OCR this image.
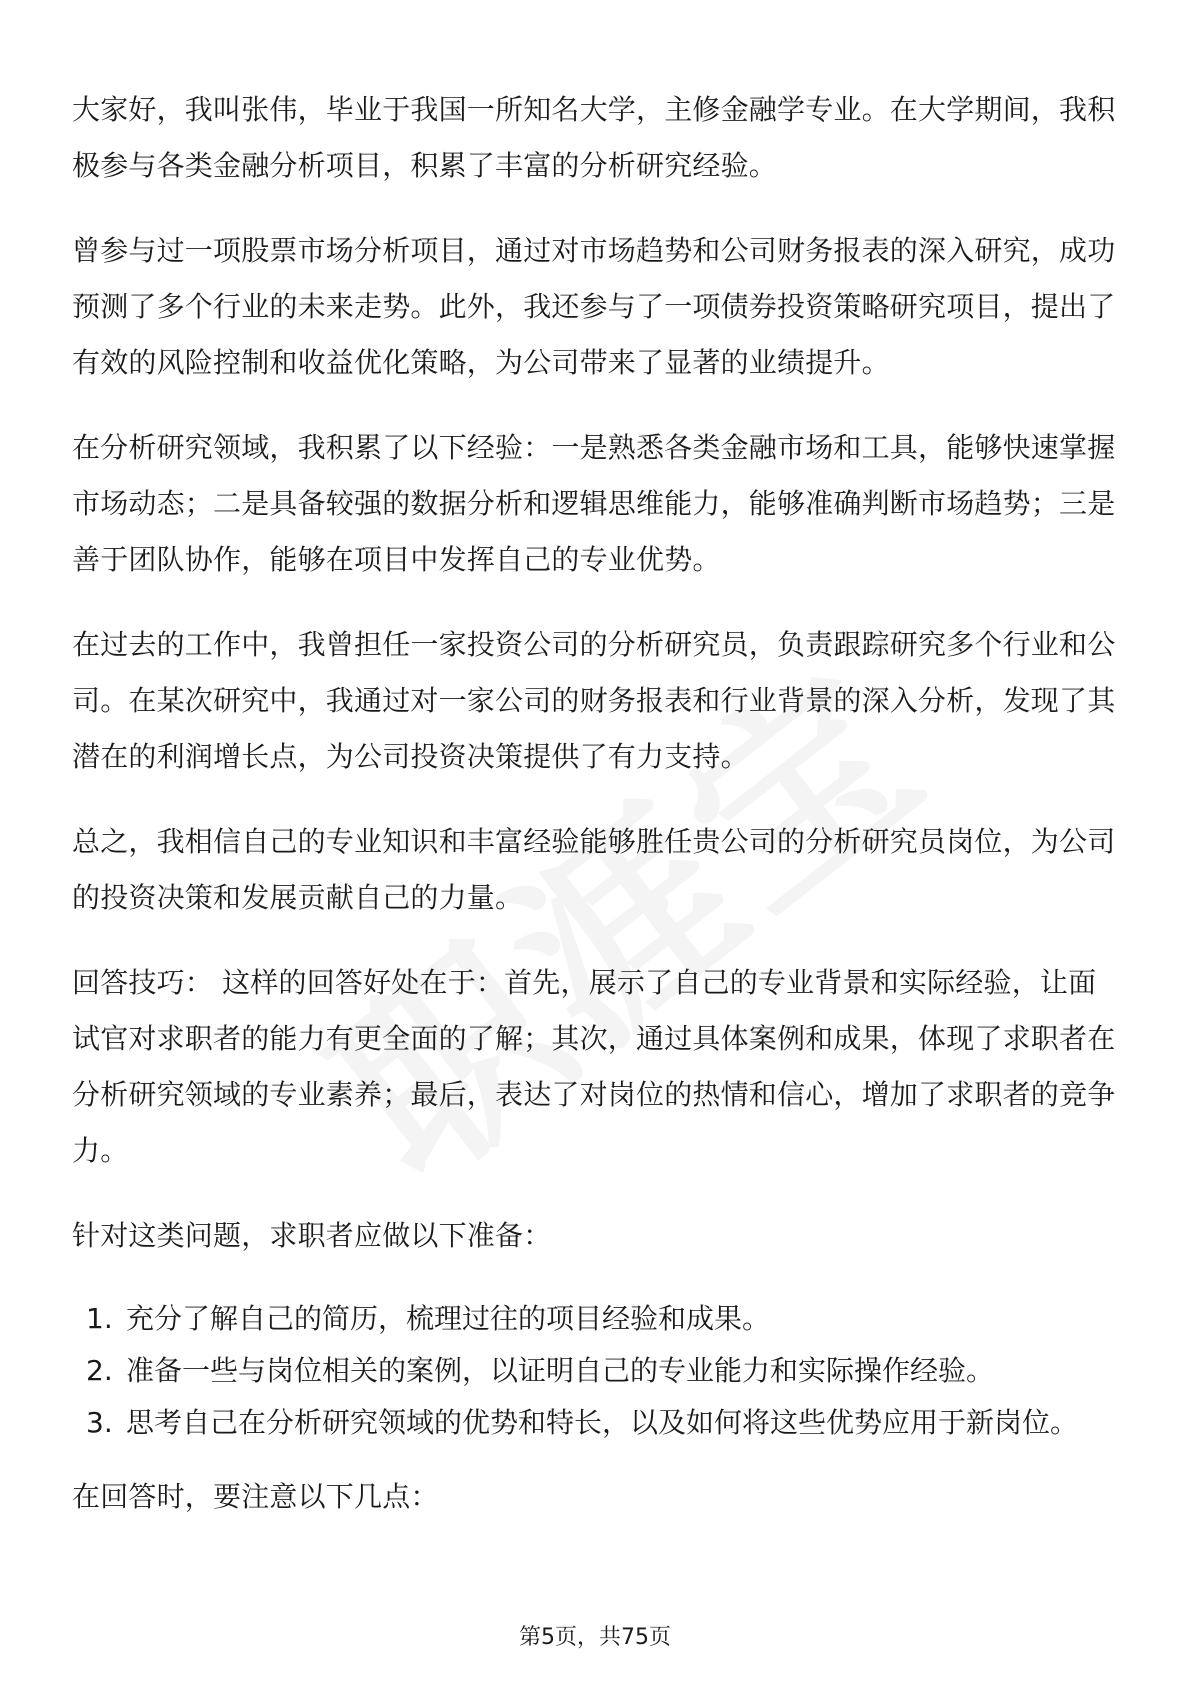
大家好，我叫张伟，毕业于我国一所知名大学，主修金融学专业。在大学期间，我积极参与各类金融分析项目，积累了丰富的分析研究经验。

曾参与过一项股票市场分析项目，通过对市场趋势和公司财务报表的深入研究，成功预测了多个行业的未来走势。此外，我还参与了一项债券投资策略研究项目，提出了有效的风险控制和收益优化策略，为公司带来了显著的业绩提升。

在分析研究领域，我积累了以下经验：一是熟悉各类金融市场和工具，能够快速掌握市场动态；二是具备较强的数据分析和逻辑思维能力，能够准确判断市场趋势；三是善于团队协作，能够在项目中发挥自己的专业优势。

在过去的工作中，我曾担任一家投资公司的分析研究员，负责跟踪研究多个行业和公司。在某次研究中，我通过对一家公司的财务报表和行业背景的深入分析，发现了其潜在的利润增长点，为公司投资决策提供了有力支持。

总之，我相信自己的专业知识和丰富经验能够胜任贵公司的分析研究员岗位，为公司的投资决策和发展贡献自己的力量。

回答技巧： 这样的回答好处在于：首先，展示了自己的专业背景和实际经验，让面试官对求职者的能力有更全面的了解；其次，通过具体案例和成果，体现了求职者在分析研究领域的专业素养；最后，表达了对岗位的热情和信心，增加了求职者的竞争力。

针对这类问题，求职者应做以下准备：

1. 充分了解自己的简历，梳理过往的项目经验和成果。
2. 准备一些与岗位相关的案例，以证明自己的专业能力和实际操作经验。
3. 思考自己在分析研究领域的优势和特长，以及如何将这些优势应用于新岗位。

在回答时，要注意以下几点：

第5页，共75页
